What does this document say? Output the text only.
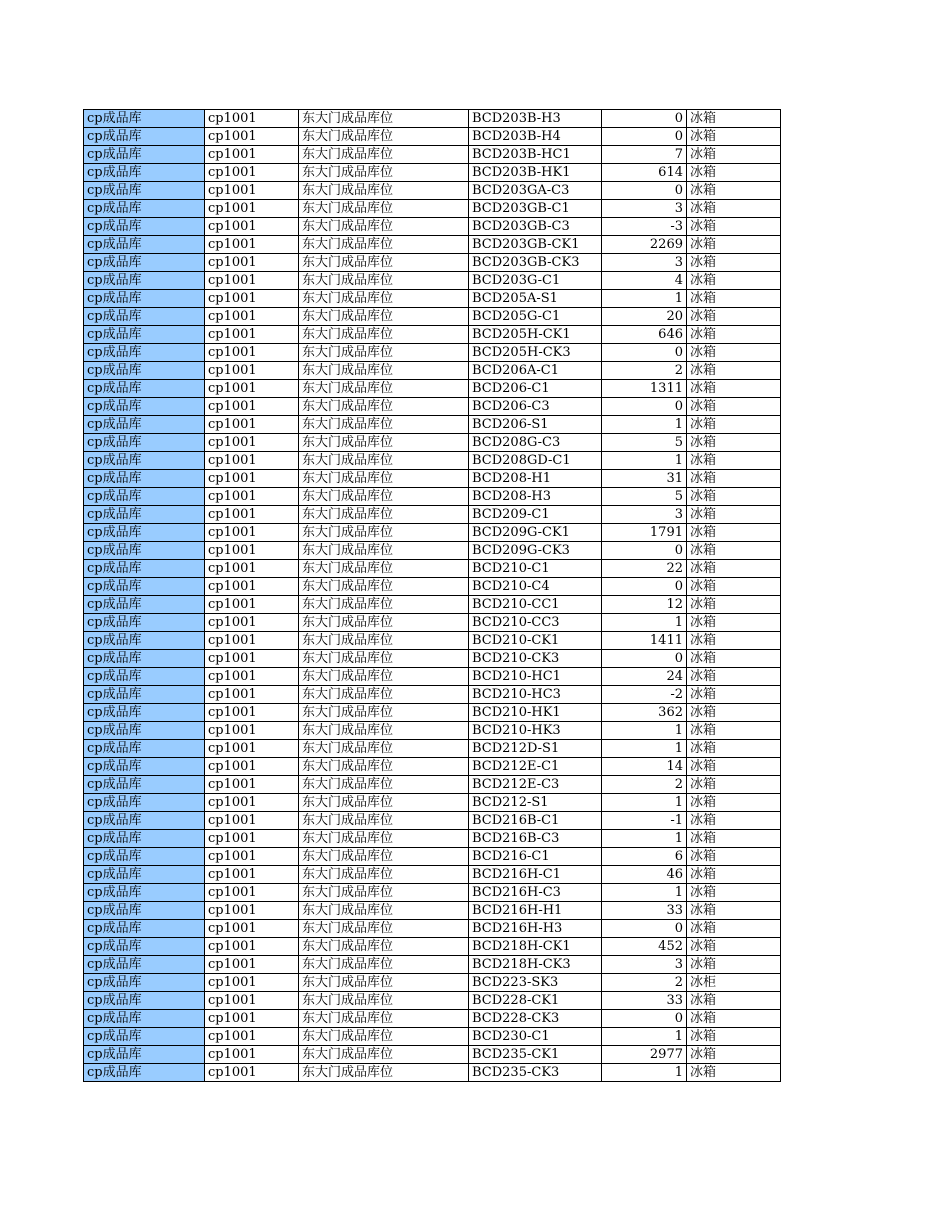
cp成品库	cp1001	东大门成品库位	BCD203B-H3	0	冰箱
cp成品库	cp1001	东大门成品库位	BCD203B-H4	0	冰箱
cp成品库	cp1001	东大门成品库位	BCD203B-HC1	7	冰箱
cp成品库	cp1001	东大门成品库位	BCD203B-HK1	614	冰箱
cp成品库	cp1001	东大门成品库位	BCD203GA-C3	0	冰箱
cp成品库	cp1001	东大门成品库位	BCD203GB-C1	3	冰箱
cp成品库	cp1001	东大门成品库位	BCD203GB-C3	-3	冰箱
cp成品库	cp1001	东大门成品库位	BCD203GB-CK1	2269	冰箱
cp成品库	cp1001	东大门成品库位	BCD203GB-CK3	3	冰箱
cp成品库	cp1001	东大门成品库位	BCD203G-C1	4	冰箱
cp成品库	cp1001	东大门成品库位	BCD205A-S1	1	冰箱
cp成品库	cp1001	东大门成品库位	BCD205G-C1	20	冰箱
cp成品库	cp1001	东大门成品库位	BCD205H-CK1	646	冰箱
cp成品库	cp1001	东大门成品库位	BCD205H-CK3	0	冰箱
cp成品库	cp1001	东大门成品库位	BCD206A-C1	2	冰箱
cp成品库	cp1001	东大门成品库位	BCD206-C1	1311	冰箱
cp成品库	cp1001	东大门成品库位	BCD206-C3	0	冰箱
cp成品库	cp1001	东大门成品库位	BCD206-S1	1	冰箱
cp成品库	cp1001	东大门成品库位	BCD208G-C3	5	冰箱
cp成品库	cp1001	东大门成品库位	BCD208GD-C1	1	冰箱
cp成品库	cp1001	东大门成品库位	BCD208-H1	31	冰箱
cp成品库	cp1001	东大门成品库位	BCD208-H3	5	冰箱
cp成品库	cp1001	东大门成品库位	BCD209-C1	3	冰箱
cp成品库	cp1001	东大门成品库位	BCD209G-CK1	1791	冰箱
cp成品库	cp1001	东大门成品库位	BCD209G-CK3	0	冰箱
cp成品库	cp1001	东大门成品库位	BCD210-C1	22	冰箱
cp成品库	cp1001	东大门成品库位	BCD210-C4	0	冰箱
cp成品库	cp1001	东大门成品库位	BCD210-CC1	12	冰箱
cp成品库	cp1001	东大门成品库位	BCD210-CC3	1	冰箱
cp成品库	cp1001	东大门成品库位	BCD210-CK1	1411	冰箱
cp成品库	cp1001	东大门成品库位	BCD210-CK3	0	冰箱
cp成品库	cp1001	东大门成品库位	BCD210-HC1	24	冰箱
cp成品库	cp1001	东大门成品库位	BCD210-HC3	-2	冰箱
cp成品库	cp1001	东大门成品库位	BCD210-HK1	362	冰箱
cp成品库	cp1001	东大门成品库位	BCD210-HK3	1	冰箱
cp成品库	cp1001	东大门成品库位	BCD212D-S1	1	冰箱
cp成品库	cp1001	东大门成品库位	BCD212E-C1	14	冰箱
cp成品库	cp1001	东大门成品库位	BCD212E-C3	2	冰箱
cp成品库	cp1001	东大门成品库位	BCD212-S1	1	冰箱
cp成品库	cp1001	东大门成品库位	BCD216B-C1	-1	冰箱
cp成品库	cp1001	东大门成品库位	BCD216B-C3	1	冰箱
cp成品库	cp1001	东大门成品库位	BCD216-C1	6	冰箱
cp成品库	cp1001	东大门成品库位	BCD216H-C1	46	冰箱
cp成品库	cp1001	东大门成品库位	BCD216H-C3	1	冰箱
cp成品库	cp1001	东大门成品库位	BCD216H-H1	33	冰箱
cp成品库	cp1001	东大门成品库位	BCD216H-H3	0	冰箱
cp成品库	cp1001	东大门成品库位	BCD218H-CK1	452	冰箱
cp成品库	cp1001	东大门成品库位	BCD218H-CK3	3	冰箱
cp成品库	cp1001	东大门成品库位	BCD223-SK3	2	冰柜
cp成品库	cp1001	东大门成品库位	BCD228-CK1	33	冰箱
cp成品库	cp1001	东大门成品库位	BCD228-CK3	0	冰箱
cp成品库	cp1001	东大门成品库位	BCD230-C1	1	冰箱
cp成品库	cp1001	东大门成品库位	BCD235-CK1	2977	冰箱
cp成品库	cp1001	东大门成品库位	BCD235-CK3	1	冰箱
